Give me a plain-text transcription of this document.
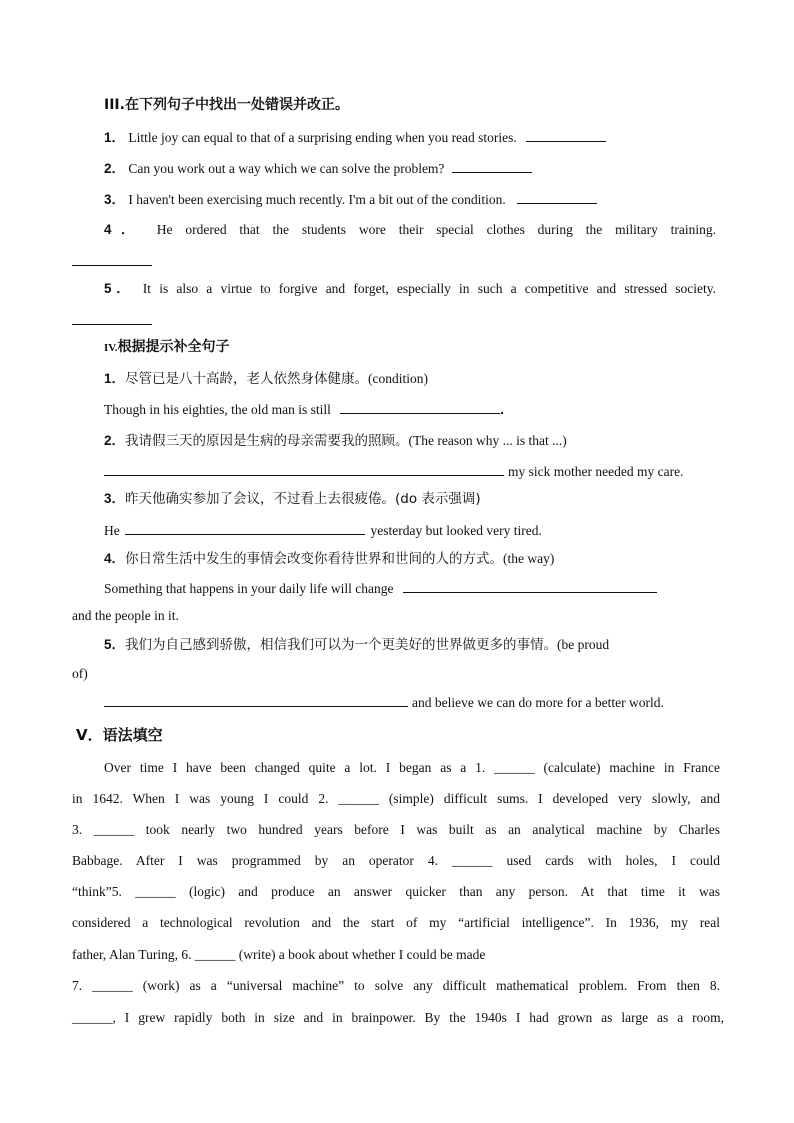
III.在下列句子中找出一处错误并改正。
1． Little joy can equal to that of a surprising ending when you read stories.
2． Can you work out a way which we can solve the problem?
3． I haven't been exercising much recently. I'm a bit out of the condition.
4． He ordered that the students wore their special clothes during the military training.
5． It is also a virtue to forgive and forget, especially in such a competitive and stressed society.
IV.根据提示补全句子
1．尽管已是八十高龄，老人依然身体健康。(condition)
Though in his eighties, the old man is still	.
2．我请假三天的原因是生病的母亲需要我的照顾。(The reason why ... is that ...)
my sick mother needed my care.
3．昨天他确实参加了会议，不过看上去很疲倦。(do 表示强调)
He	yesterday but looked very tired.
4．你日常生活中发生的事情会改变你看待世界和世间的人的方式。(the way)
Something that happens in your daily life will change
and the people in it.
5．我们为自己感到骄傲，相信我们可以为一个更美好的世界做更多的事情。(be proud
of)
and believe we can do more for a better world.
V．语法填空
Over time I have been changed quite a lot. I began as a 1. ______ (calculate) machine in France
in 1642. When I was young I could 2. ______ (simple) difficult sums. I developed very slowly, and
3. ______ took nearly two hundred years before I was built as an analytical machine by Charles
Babbage. After I was programmed by an operator 4. ______ used cards with holes, I could
“think”5. ______ (logic) and produce an answer quicker than any person. At that time it was
considered a technological revolution and the start of my “artificial intelligence”. In 1936, my real
father, Alan Turing, 6. ______ (write) a book about whether I could be made
7. ______ (work) as a “universal machine” to solve any difficult mathematical problem. From then 8.
______, I grew rapidly both in size and in brainpower. By the 1940s I had grown as large as a room,
